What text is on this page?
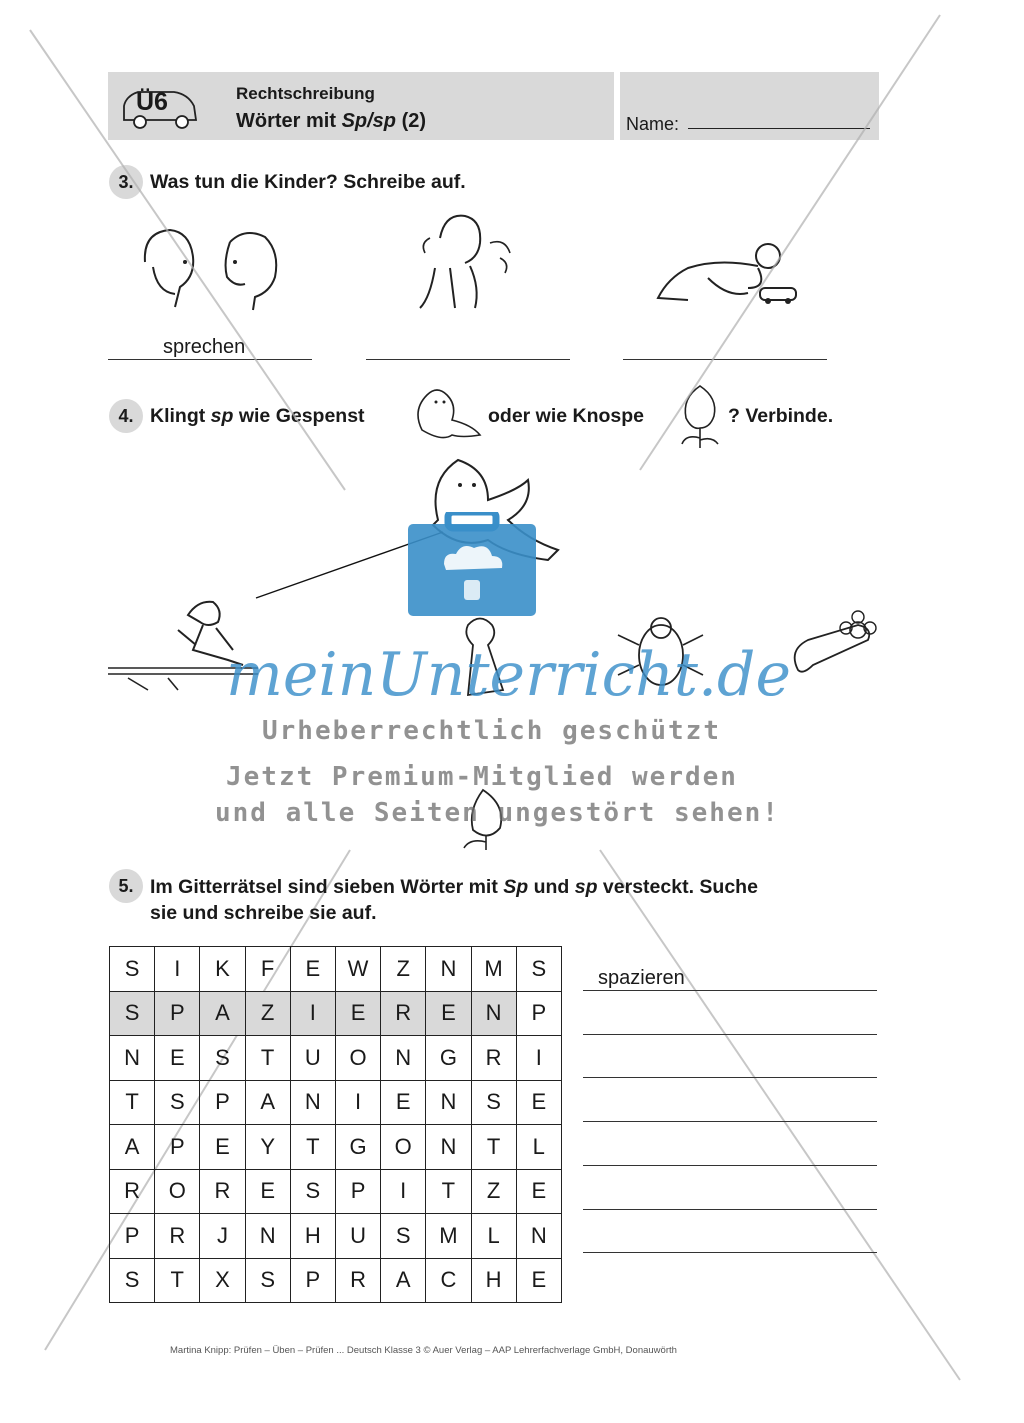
Ü6	Rechtschreibung
Wörter mit Sp/sp (2)	Name:
3. Was tun die Kinder? Schreibe auf.
sprechen
4. Klingt sp wie Gespenst	oder wie Knospe	? Verbinde.
meinUnterricht.de
Urheberrechtlich geschützt
Jetzt Premium-Mitglied werden
und alle Seiten ungestört sehen!
5. Im Gitterrätsel sind sieben Wörter mit Sp und sp versteckt. Suche
sie und schreibe sie auf.
S	I	K	F	E	W	Z	N	M	S
S	P	A	Z	I	E	R	E	N	P
N	E	S	T	U	O	N	G	R	I
T	S	P	A	N	I	E	N	S	E
A	P	E	Y	T	G	O	N	T	L
R	O	R	E	S	P	I	T	Z	E
P	R	J	N	H	U	S	M	L	N
S	T	X	S	P	R	A	C	H	E
spazieren
Martina Knipp: Prüfen – Üben – Prüfen ... Deutsch Klasse 3 © Auer Verlag – AAP Lehrerfachverlage GmbH, Donauwörth
